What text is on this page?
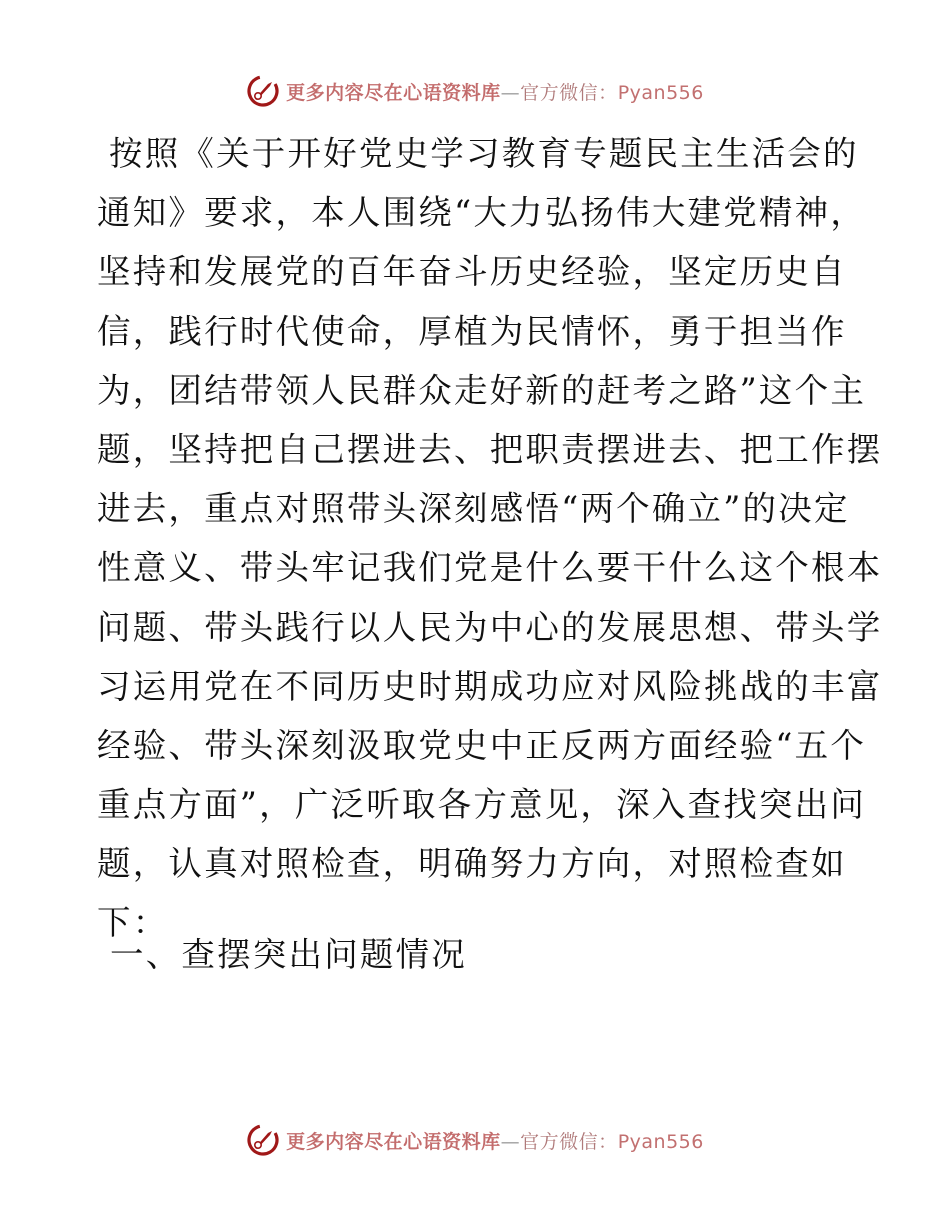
更多内容尽在心语资料库—官方微信：Pyan556
按照《关于开好党史学习教育专题民主生活会的
通知》要求，本人围绕“大力弘扬伟大建党精神，
坚持和发展党的百年奋斗历史经验，坚定历史自
信，践行时代使命，厚植为民情怀，勇于担当作
为，团结带领人民群众走好新的赶考之路”这个主
题，坚持把自己摆进去、把职责摆进去、把工作摆
进去，重点对照带头深刻感悟“两个确立”的决定
性意义、带头牢记我们党是什么要干什么这个根本
问题、带头践行以人民为中心的发展思想、带头学
习运用党在不同历史时期成功应对风险挑战的丰富
经验、带头深刻汲取党史中正反两方面经验“五个
重点方面”，广泛听取各方意见，深入查找突出问
题，认真对照检查，明确努力方向，对照检查如
下：
一、查摆突出问题情况
更多内容尽在心语资料库—官方微信：Pyan556
